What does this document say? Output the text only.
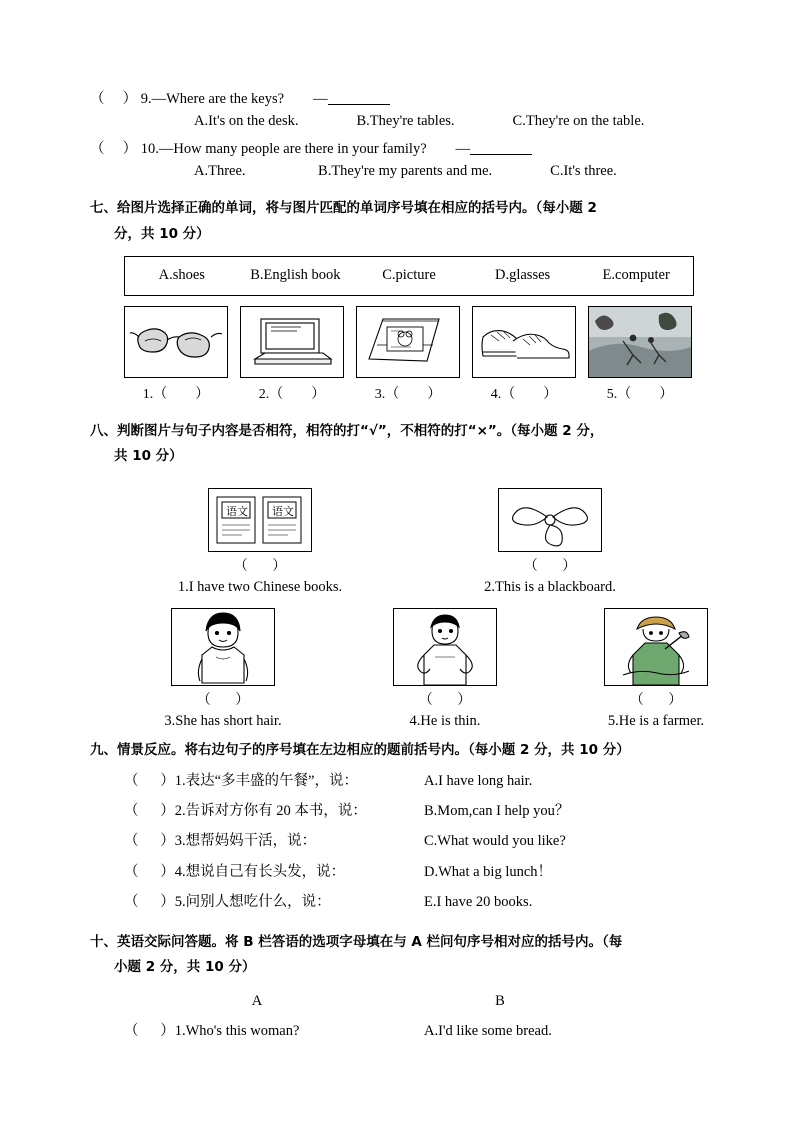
（     ） 9.—Where are the keys?        —
A.It's on the desk.                B.They're tables.                C.They're on the table.
（     ） 10.—How many people are there in your family?        —
A.Three.                    B.They're my parents and me.                C.It's three.
七、给图片选择正确的单词，将与图片匹配的单词序号填在相应的括号内。（每小题 2
分，共 10 分）
A.shoes	B.English book	C.picture	D.glasses	E.computer
1.（        ）	2.（        ）	3.（        ）	4.（        ）	5.（        ）
八、判断图片与句子内容是否相符，相符的打“√”，不相符的打“×”。（每小题 2 分，
共 10 分）
语文 语文
（       ）
1.I have two Chinese books.
（       ）
2.This is a blackboard.
（       ）
3.She has short hair.
（       ）
4.He is thin.
（       ）
5.He is a farmer.
九、情景反应。将右边句子的序号填在左边相应的题前括号内。（每小题 2 分，共 10 分）
（      ）1.表达“多丰盛的午餐”，说：	A.I have long hair.
（      ）2.告诉对方你有 20 本书，说：	B.Mom,can I help you？
（      ）3.想帮妈妈干活，说：	C.What would you like?
（      ）4.想说自己有长头发，说：	D.What a big lunch！
（      ）5.问别人想吃什么，说：	E.I have 20 books.
十、英语交际问答题。将 B 栏答语的选项字母填在与 A 栏问句序号相对应的括号内。（每
小题 2 分，共 10 分）
A	B
（      ）1.Who's this woman?	A.I'd like some bread.
